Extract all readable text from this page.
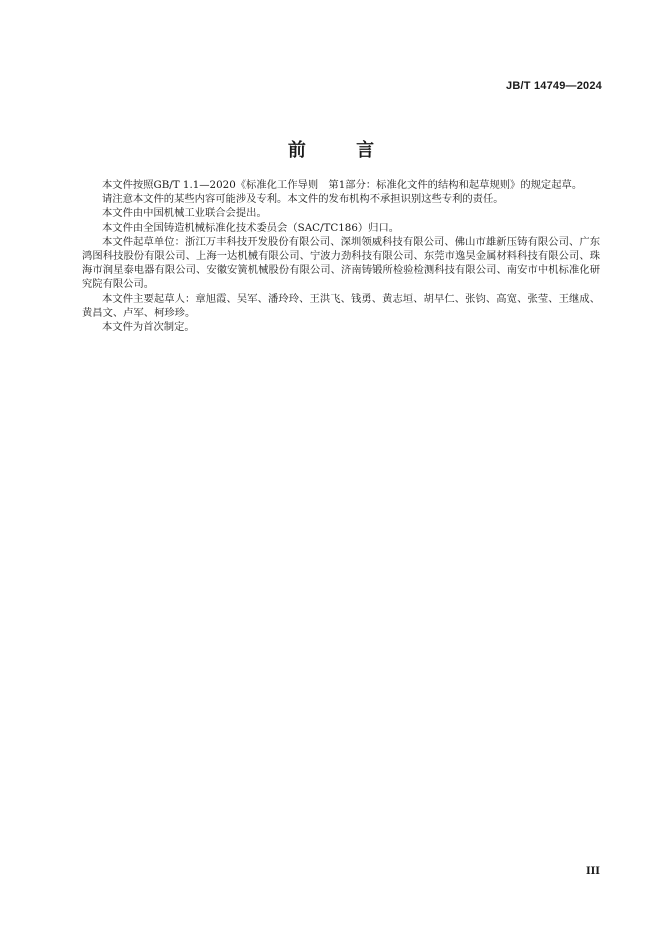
JB/T 14749—2024
前 言

本文件按照GB/T 1.1—2020《标准化工作导则　第1部分：标准化文件的结构和起草规则》的规定起草。

请注意本文件的某些内容可能涉及专利。本文件的发布机构不承担识别这些专利的责任。

本文件由中国机械工业联合会提出。

本文件由全国铸造机械标准化技术委员会（SAC/TC186）归口。

本文件起草单位：浙江万丰科技开发股份有限公司、深圳领威科技有限公司、佛山市雄新压铸有限公司、广东鸿图科技股份有限公司、上海一达机械有限公司、宁波力劲科技有限公司、东莞市逸昊金属材料科技有限公司、珠海市润星泰电器有限公司、安徽安簧机械股份有限公司、济南铸锻所检验检测科技有限公司、南安市中机标准化研究院有限公司。

本文件主要起草人：章旭霞、吴军、潘玲玲、王洪飞、钱勇、黄志垣、胡早仁、张钧、高宽、张莹、王继成、黄昌文、卢军、柯珍珍。

本文件为首次制定。

III
